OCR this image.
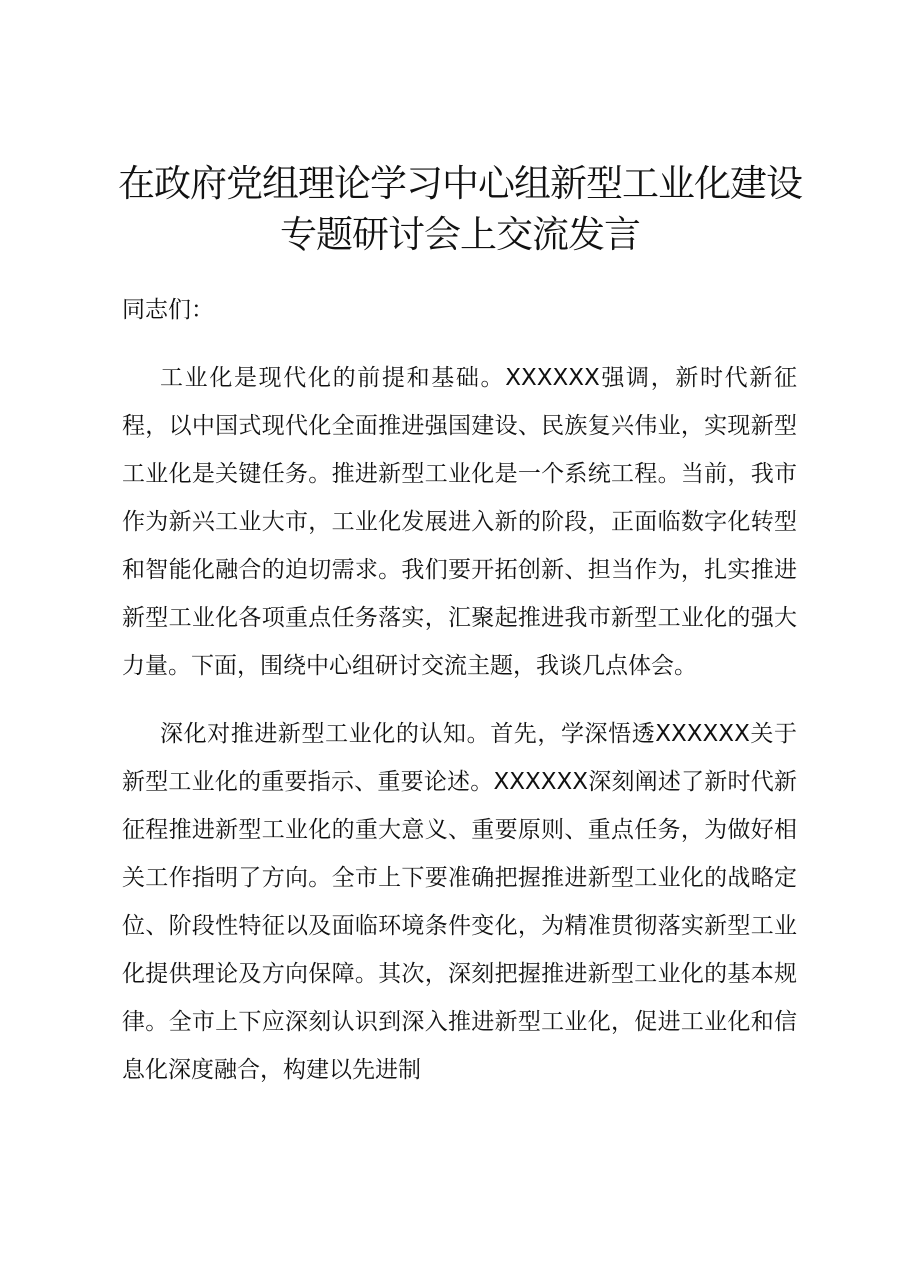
在政府党组理论学习中心组新型工业化建设专题研讨会上交流发言

同志们：

工业化是现代化的前提和基础。XXXXXX强调，新时代新征程，以中国式现代化全面推进强国建设、民族复兴伟业，实现新型工业化是关键任务。推进新型工业化是一个系统工程。当前，我市作为新兴工业大市，工业化发展进入新的阶段，正面临数字化转型和智能化融合的迫切需求。我们要开拓创新、担当作为，扎实推进新型工业化各项重点任务落实，汇聚起推进我市新型工业化的强大力量。下面，围绕中心组研讨交流主题，我谈几点体会。

深化对推进新型工业化的认知。首先，学深悟透XXXXXX关于新型工业化的重要指示、重要论述。XXXXXX深刻阐述了新时代新征程推进新型工业化的重大意义、重要原则、重点任务，为做好相关工作指明了方向。全市上下要准确把握推进新型工业化的战略定位、阶段性特征以及面临环境条件变化，为精准贯彻落实新型工业化提供理论及方向保障。其次，深刻把握推进新型工业化的基本规律。全市上下应深刻认识到深入推进新型工业化，促进工业化和信息化深度融合，构建以先进制
